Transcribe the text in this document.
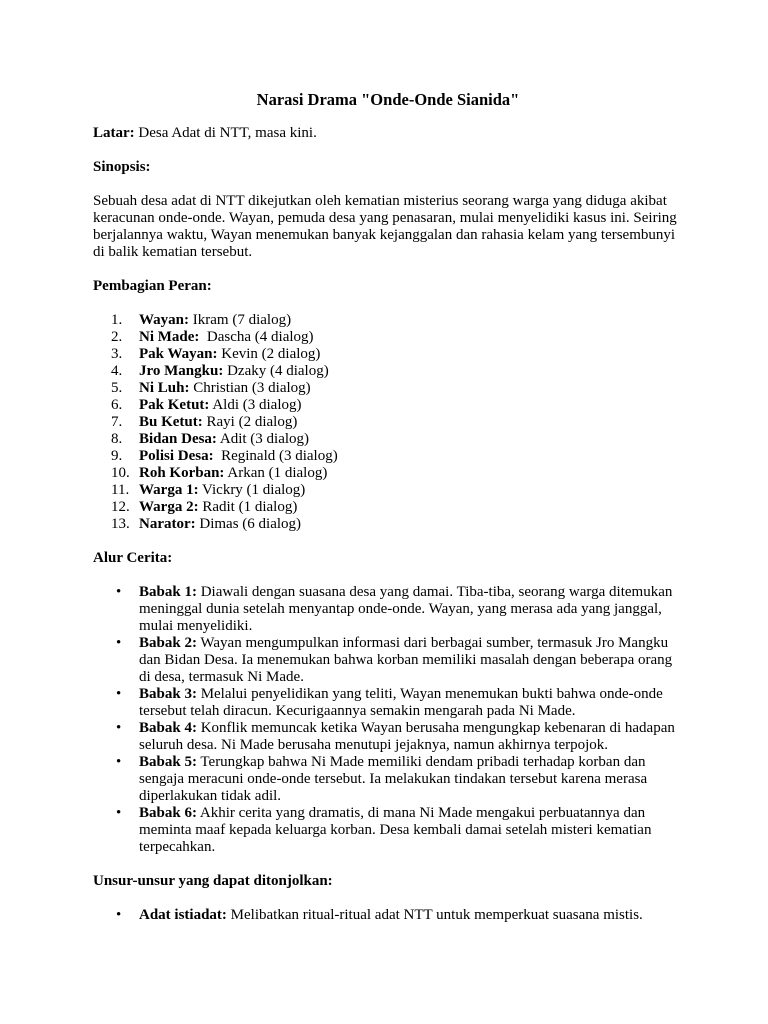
Narasi Drama "Onde-Onde Sianida"

Latar: Desa Adat di NTT, masa kini.

Sinopsis:

Sebuah desa adat di NTT dikejutkan oleh kematian misterius seorang warga yang diduga akibat keracunan onde-onde. Wayan, pemuda desa yang penasaran, mulai menyelidiki kasus ini. Seiring berjalannya waktu, Wayan menemukan banyak kejanggalan dan rahasia kelam yang tersembunyi di balik kematian tersebut.

Pembagian Peran:

1.	Wayan: Ikram (7 dialog)
2.	Ni Made:  Dascha (4 dialog)
3.	Pak Wayan: Kevin (2 dialog)
4.	Jro Mangku: Dzaky (4 dialog)
5.	Ni Luh: Christian (3 dialog)
6.	Pak Ketut: Aldi (3 dialog)
7.	Bu Ketut: Rayi (2 dialog)
8.	Bidan Desa: Adit (3 dialog)
9.	Polisi Desa:  Reginald (3 dialog)
10. Roh Korban: Arkan (1 dialog)
11. Warga 1: Vickry (1 dialog)
12. Warga 2: Radit (1 dialog)
13. Narator: Dimas (6 dialog)

Alur Cerita:

•
Babak 1: Diawali dengan suasana desa yang damai. Tiba-tiba, seorang warga ditemukan meninggal dunia setelah menyantap onde-onde. Wayan, yang merasa ada yang janggal, mulai menyelidiki.
•
Babak 2: Wayan mengumpulkan informasi dari berbagai sumber, termasuk Jro Mangku dan Bidan Desa. Ia menemukan bahwa korban memiliki masalah dengan beberapa orang di desa, termasuk Ni Made.
•
Babak 3: Melalui penyelidikan yang teliti, Wayan menemukan bukti bahwa onde-onde tersebut telah diracun. Kecurigaannya semakin mengarah pada Ni Made.
•
Babak 4: Konflik memuncak ketika Wayan berusaha mengungkap kebenaran di hadapan seluruh desa. Ni Made berusaha menutupi jejaknya, namun akhirnya terpojok.
•
Babak 5: Terungkap bahwa Ni Made memiliki dendam pribadi terhadap korban dan sengaja meracuni onde-onde tersebut. Ia melakukan tindakan tersebut karena merasa diperlakukan tidak adil.
•
Babak 6: Akhir cerita yang dramatis, di mana Ni Made mengakui perbuatannya dan meminta maaf kepada keluarga korban. Desa kembali damai setelah misteri kematian terpecahkan.

Unsur-unsur yang dapat ditonjolkan:

•
Adat istiadat: Melibatkan ritual-ritual adat NTT untuk memperkuat suasana mistis.
